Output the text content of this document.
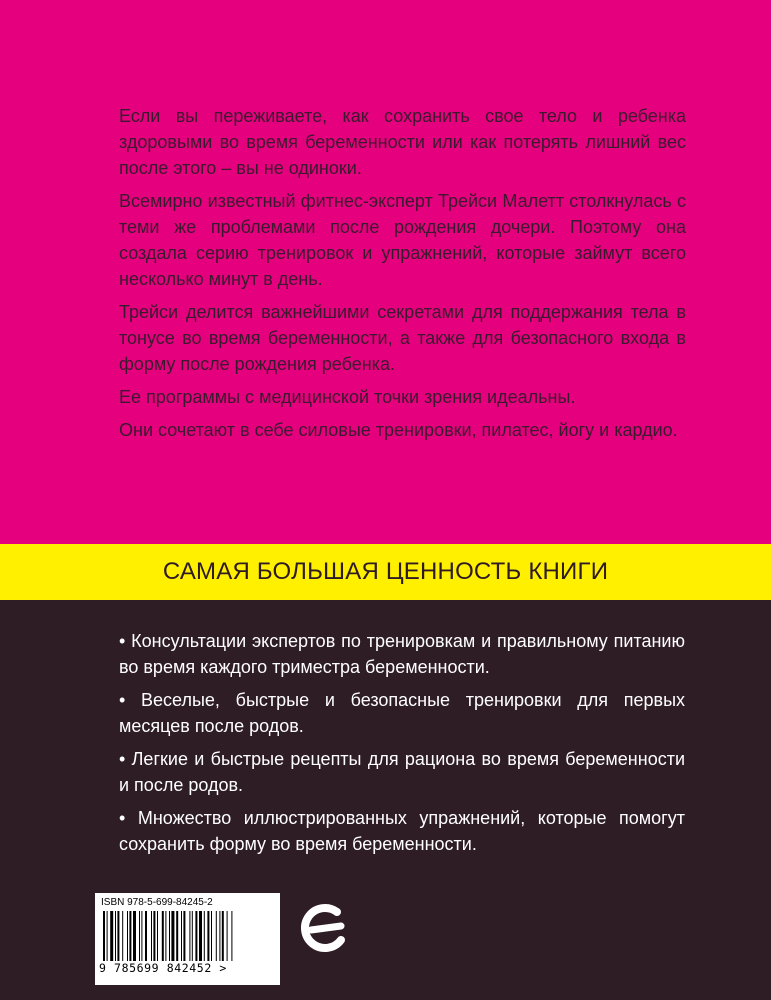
Если вы переживаете, как сохранить свое тело и ребенка здоровыми во время беременности или как потерять лишний вес после этого – вы не одиноки.

Всемирно известный фитнес-эксперт Трейси Малетт столкнулась с теми же проблемами после рождения дочери. Поэтому она создала серию тренировок и упражнений, которые займут всего несколько минут в день.

Трейси делится важнейшими секретами для поддержания тела в тонусе во время беременности, а также для безопасного входа в форму после рождения ребенка.

Ее программы с медицинской точки зрения идеальны.

Они сочетают в себе силовые тренировки, пилатес, йогу и кардио.

САМАЯ БОЛЬШАЯ ЦЕННОСТЬ КНИГИ

• Консультации экспертов по тренировкам и правильному питанию во время каждого триместра беременности.

• Веселые, быстрые и безопасные тренировки для первых месяцев после родов.

• Легкие и быстрые рецепты для рациона во время беременности и после родов.

• Множество иллюстрированных упражнений, которые помогут сохранить форму во время беременности.

ISBN 978-5-699-84245-2
9 785699 842452 >
